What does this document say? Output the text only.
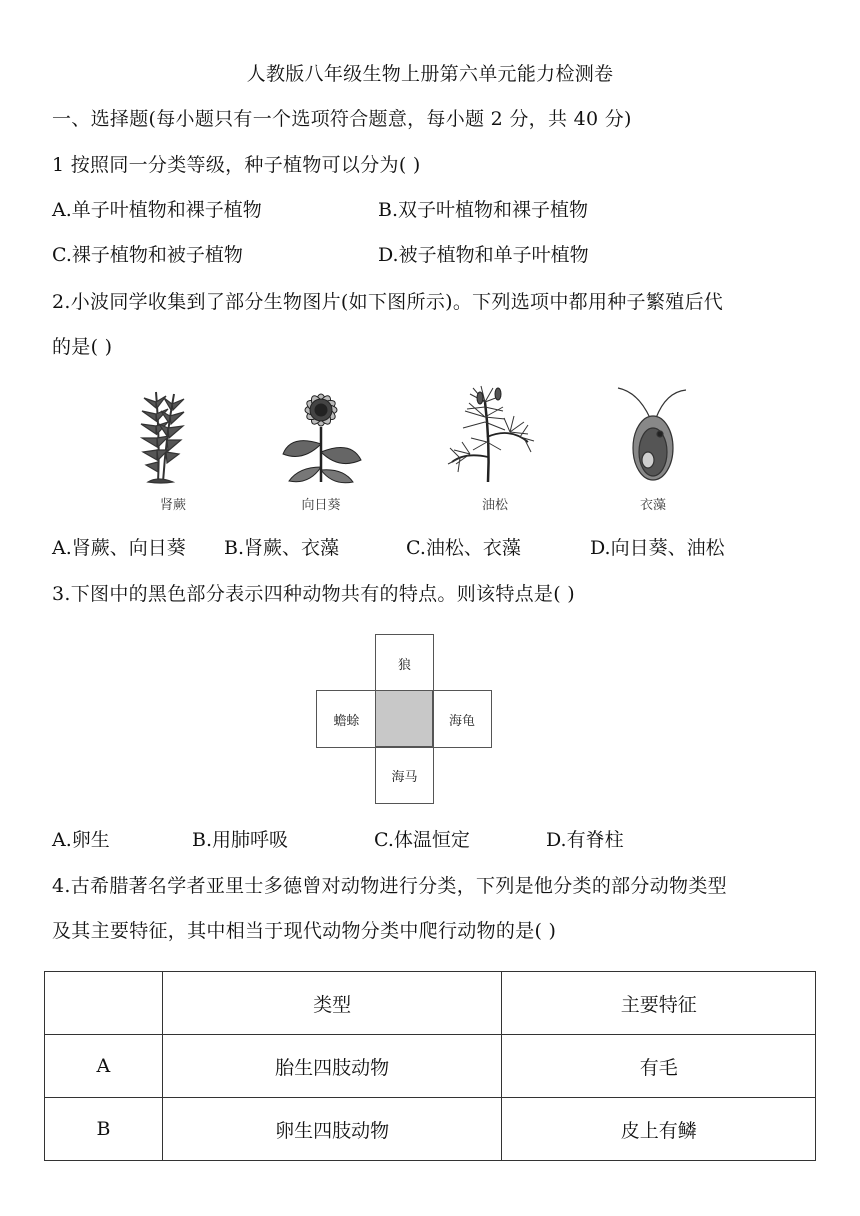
人教版八年级生物上册第六单元能力检测卷
一、选择题(每小题只有一个选项符合题意，每小题 2 分，共 40 分)
1 按照同一分类等级，种子植物可以分为( )
A.单子叶植物和裸子植物	B.双子叶植物和裸子植物
C.裸子植物和被子植物	D.被子植物和单子叶植物
2.小波同学收集到了部分生物图片(如下图所示)。下列选项中都用种子繁殖后代
的是( )
肾蕨	向日葵	油松	衣藻
A.肾蕨、向日葵 B.肾蕨、衣藻	C.油松、衣藻	D.向日葵、油松
3.下图中的黑色部分表示四种动物共有的特点。则该特点是( )
狼
蟾蜍	海龟
海马
A.卵生	B.用肺呼吸	C.体温恒定	D.有脊柱
4.古希腊著名学者亚里士多德曾对动物进行分类，下列是他分类的部分动物类型
及其主要特征，其中相当于现代动物分类中爬行动物的是( )
	类型	主要特征
A	胎生四肢动物	有毛
B	卵生四肢动物	皮上有鳞
